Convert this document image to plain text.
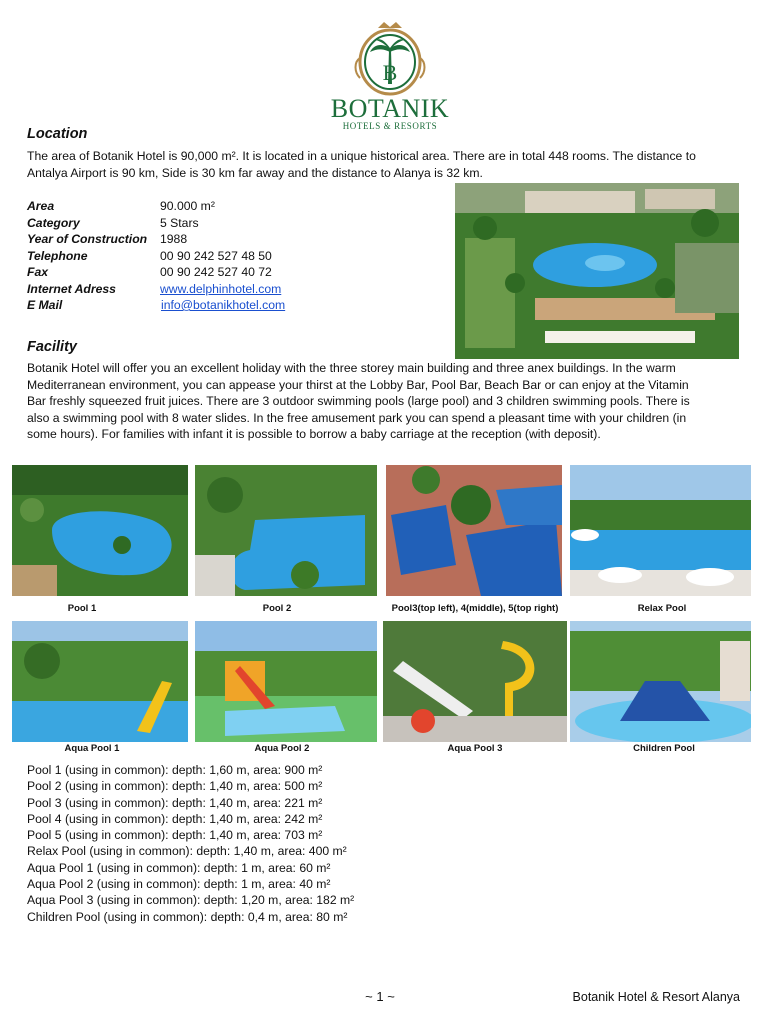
B
BOTANIK
HOTELS & RESORTS
Location
The area of Botanik Hotel is 90,000 m². It is located in a unique historical area. There are in total 448 rooms. The distance to
Antalya Airport is 90 km, Side is 30 km far away and the distance to Alanya is 32 km.
Area	90.000 m²
Category	5 Stars
Year of Construction 1988
Telephone	00 90 242 527 48 50
Fax	00 90 242 527 40 72
Internet Adress	www.delphinhotel.com
E Mail	info@botanikhotel.com
Facility
Botanik Hotel will offer you an excellent holiday with the three storey main building and three anex buildings. In the warm
Mediterranean environment, you can appease your thirst at the Lobby Bar, Pool Bar, Beach Bar or can enjoy at the Vitamin
Bar freshly squeezed fruit juices. There are 3 outdoor swimming pools (large pool) and 3 children swimming pools. There is
also a swimming pool with 8 water slides. In the free amusement park you can spend a pleasant time with your children (in
some hours). For families with infant it is possible to borrow a baby carriage at the reception (with deposit).
Pool 1	Pool 2	Pool3(top left), 4(middle), 5(top right)	Relax Pool
Aqua Pool 1	Aqua Pool 2	Aqua Pool 3	Children Pool
Pool 1 (using in common): depth: 1,60 m, area: 900 m²
Pool 2 (using in common): depth: 1,40 m, area: 500 m²
Pool 3 (using in common): depth: 1,40 m, area: 221 m²
Pool 4 (using in common): depth: 1,40 m, area: 242 m²
Pool 5 (using in common): depth: 1,40 m, area: 703 m²
Relax Pool (using in common): depth: 1,40 m, area: 400 m²
Aqua Pool 1 (using in common): depth: 1 m, area: 60 m²
Aqua Pool 2 (using in common): depth: 1 m, area: 40 m²
Aqua Pool 3 (using in common): depth: 1,20 m, area: 182 m²
Children Pool (using in common): depth: 0,4 m, area: 80 m²
~ 1 ~	Botanik Hotel & Resort Alanya
